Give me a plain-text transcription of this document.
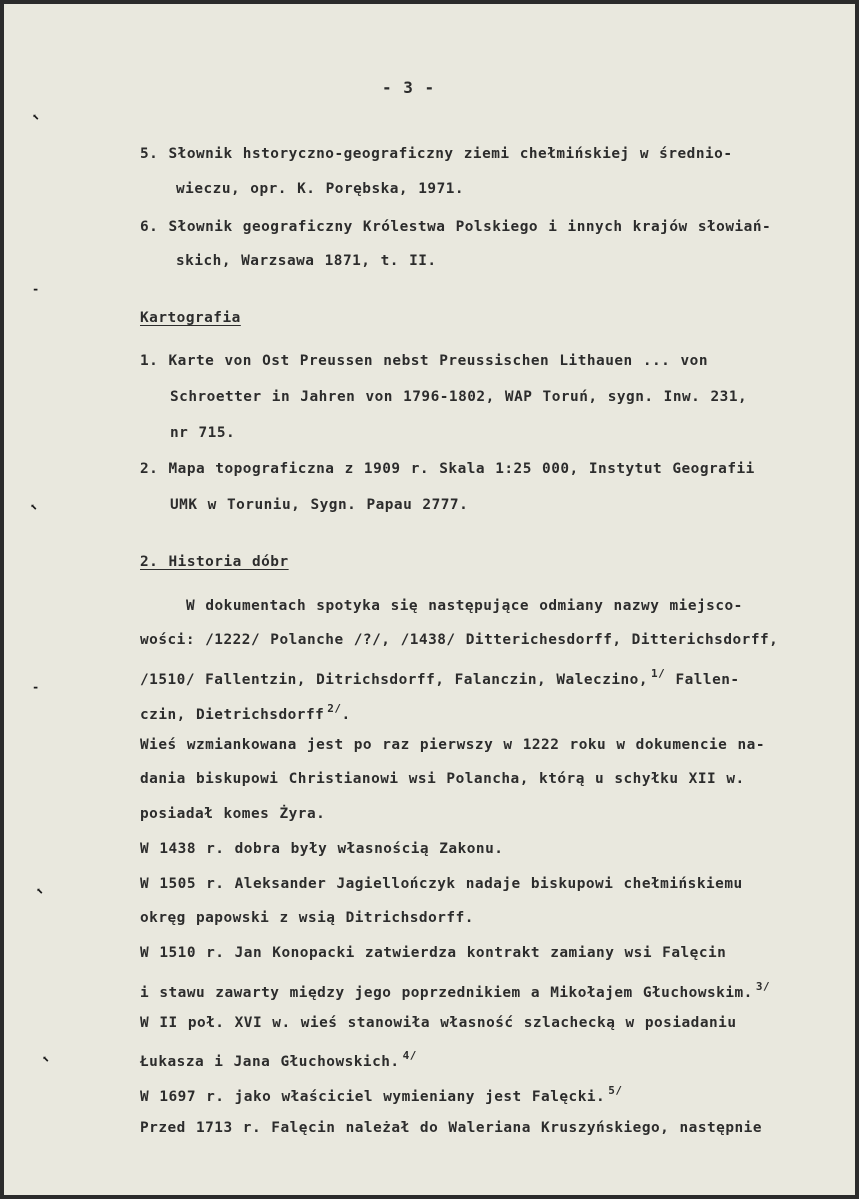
- 3 -
⬉
-
⬉
-
⬉
⬉
5. Słownik hstoryczno-geograficzny ziemi chełmińskiej w średnio-
wieczu, opr. K. Porębska, 1971.
6. Słownik geograficzny Królestwa Polskiego i innych krajów słowiań-
skich, Warzsawa 1871, t. II.
Kartografia
1. Karte von Ost Preussen nebst Preussischen Lithauen ... von
Schroetter in Jahren von 1796-1802, WAP Toruń, sygn. Inw. 231,
nr 715.
2. Mapa topograficzna z 1909 r. Skala 1:25 000, Instytut Geografii
UMK w Toruniu, Sygn. Papau 2777.
2. Historia dóbr
W dokumentach spotyka się następujące odmiany nazwy miejsco-
wości: /1222/ Polanche /?/, /1438/ Ditterichesdorff, Ditterichsdorff,
/1510/ Fallentzin, Ditrichsdorff, Falanczin, Waleczino, $^{1/}$ Fallen-
czin, Dietrichsdorff $^{2/}$.
Wieś wzmiankowana jest po raz pierwszy w 1222 roku w dokumencie na-
dania biskupowi Christianowi wsi Polancha, którą u schyłku XII w.
posiadał komes Żyra.
W 1438 r. dobra były własnością Zakonu.
W 1505 r. Aleksander Jagiellończyk nadaje biskupowi chełmińskiemu
okręg papowski z wsią Ditrichsdorff.
W 1510 r. Jan Konopacki zatwierdza kontrakt zamiany wsi Falęcin
i stawu zawarty między jego poprzednikiem a Mikołajem Głuchowskim. $^{3/}$
W II poł. XVI w. wieś stanowiła własność szlachecką w posiadaniu
Łukasza i Jana Głuchowskich. $^{4/}$
W 1697 r. jako właściciel wymieniany jest Falęcki. $^{5/}$
Przed 1713 r. Falęcin należał do Waleriana Kruszyńskiego, następnie
